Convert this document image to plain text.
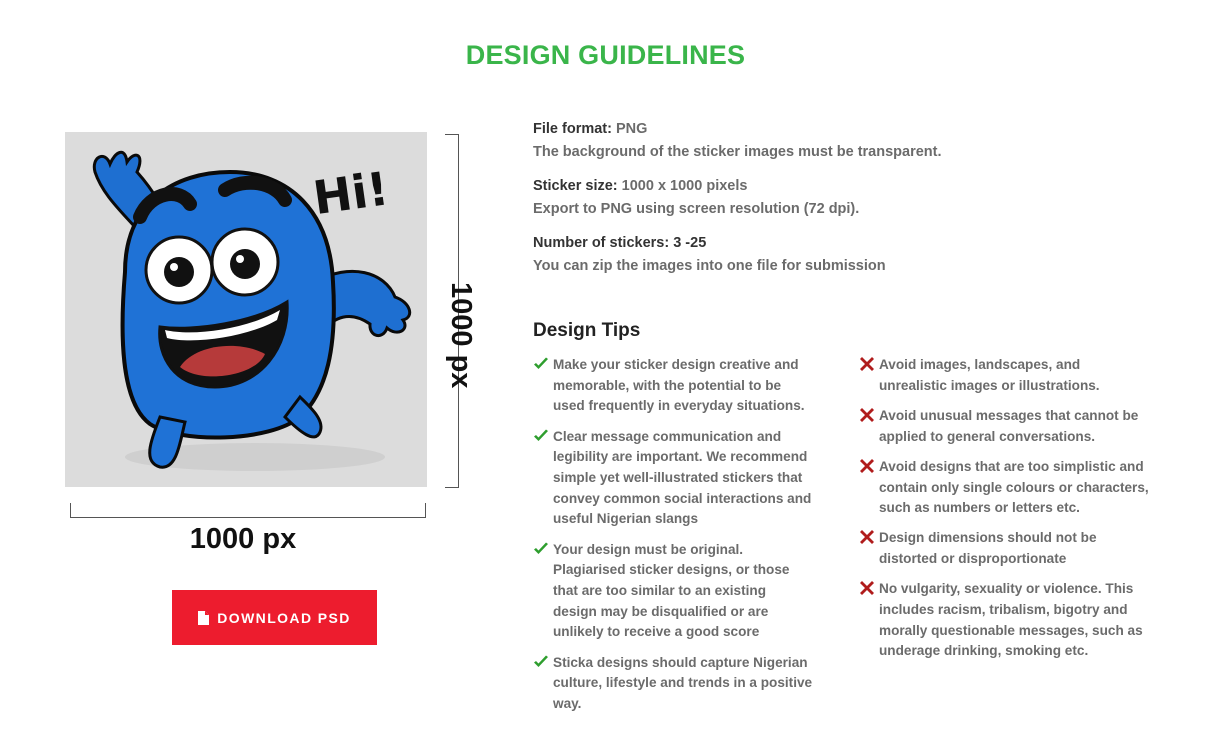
DESIGN GUIDELINES
Hi!
1000 px
1000 px
DOWNLOAD PSD
File format: PNG
The background of the sticker images must be transparent.
Sticker size: 1000 x 1000 pixels
Export to PNG using screen resolution (72 dpi).
Number of stickers: 3 -25
You can zip the images into one file for submission
Design Tips
Make your sticker design creative and memorable, with the potential to be used frequently in everyday situations.
Clear message communication and legibility are important. We recommend simple yet well-illustrated stickers that convey common social interactions and useful Nigerian slangs
Your design must be original. Plagiarised sticker designs, or those that are too similar to an existing design may be disqualified or are unlikely to receive a good score
Sticka designs should capture Nigerian culture, lifestyle and trends in a positive way.
Avoid images, landscapes, and unrealistic images or illustrations.
Avoid unusual messages that cannot be applied to general conversations.
Avoid designs that are too simplistic and contain only single colours or characters, such as numbers or letters etc.
Design dimensions should not be distorted or disproportionate
No vulgarity, sexuality or violence. This includes racism, tribalism, bigotry and morally questionable messages, such as underage drinking, smoking etc.
